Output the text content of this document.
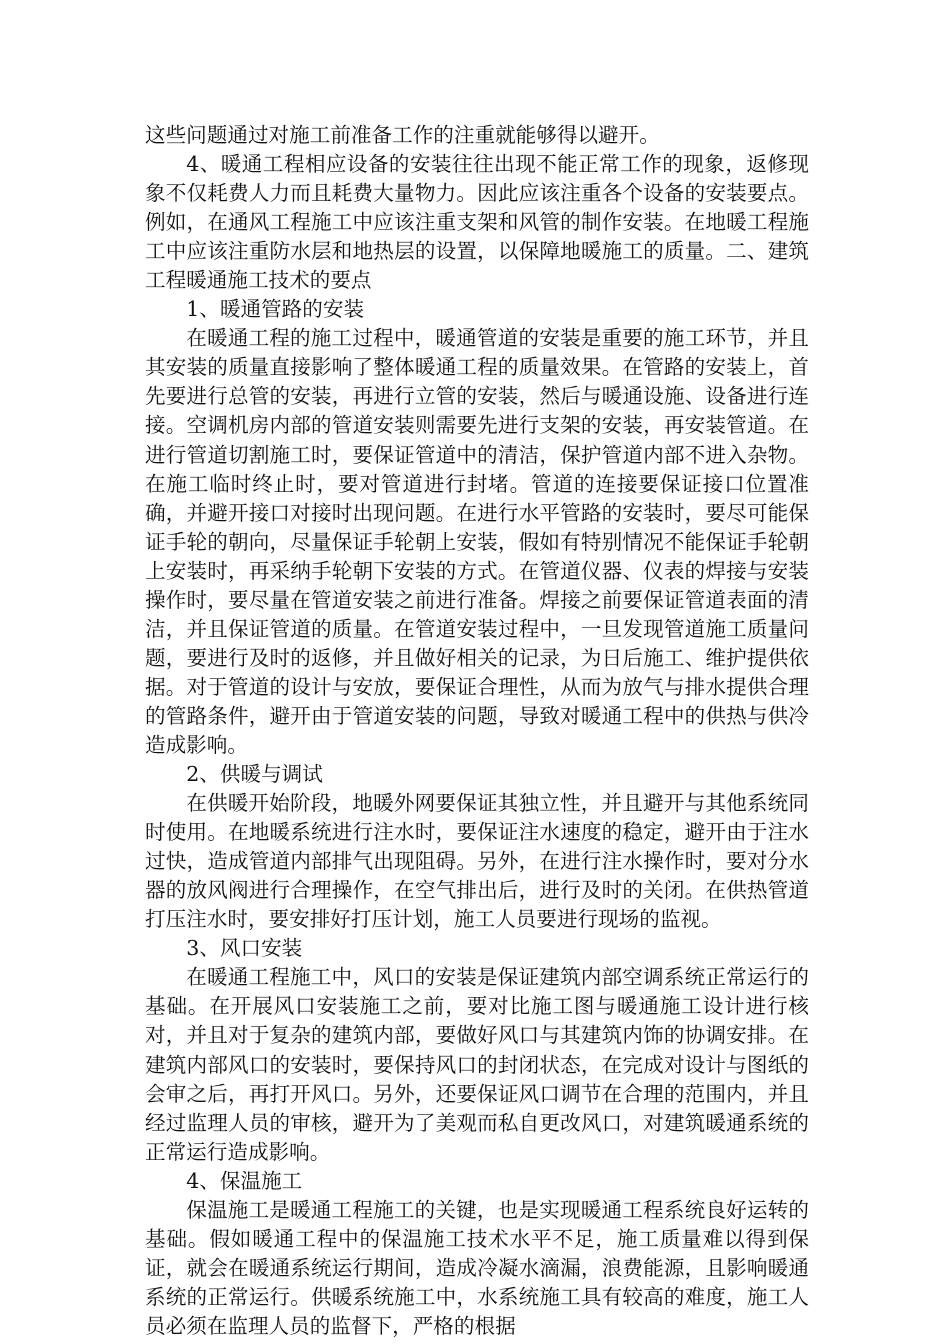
这些问题通过对施工前准备工作的注重就能够得以避开。

4、暖通工程相应设备的安装往往出现不能正常工作的现象，返修现象不仅耗费人力而且耗费大量物力。因此应该注重各个设备的安装要点。例如，在通风工程施工中应该注重支架和风管的制作安装。在地暖工程施工中应该注重防水层和地热层的设置，以保障地暖施工的质量。二、建筑工程暖通施工技术的要点

1、暖通管路的安装

在暖通工程的施工过程中，暖通管道的安装是重要的施工环节，并且其安装的质量直接影响了整体暖通工程的质量效果。在管路的安装上，首先要进行总管的安装，再进行立管的安装，然后与暖通设施、设备进行连接。空调机房内部的管道安装则需要先进行支架的安装，再安装管道。在进行管道切割施工时，要保证管道中的清洁，保护管道内部不进入杂物。在施工临时终止时，要对管道进行封堵。管道的连接要保证接口位置准确，并避开接口对接时出现问题。在进行水平管路的安装时，要尽可能保证手轮的朝向，尽量保证手轮朝上安装，假如有特别情况不能保证手轮朝上安装时，再采纳手轮朝下安装的方式。在管道仪器、仪表的焊接与安装操作时，要尽量在管道安装之前进行准备。焊接之前要保证管道表面的清洁，并且保证管道的质量。在管道安装过程中，一旦发现管道施工质量问题，要进行及时的返修，并且做好相关的记录，为日后施工、维护提供依据。对于管道的设计与安放，要保证合理性，从而为放气与排水提供合理的管路条件，避开由于管道安装的问题，导致对暖通工程中的供热与供冷造成影响。

2、供暖与调试

在供暖开始阶段，地暖外网要保证其独立性，并且避开与其他系统同时使用。在地暖系统进行注水时，要保证注水速度的稳定，避开由于注水过快，造成管道内部排气出现阻碍。另外，在进行注水操作时，要对分水器的放风阀进行合理操作，在空气排出后，进行及时的关闭。在供热管道打压注水时，要安排好打压计划，施工人员要进行现场的监视。

3、风口安装

在暖通工程施工中，风口的安装是保证建筑内部空调系统正常运行的基础。在开展风口安装施工之前，要对比施工图与暖通施工设计进行核对，并且对于复杂的建筑内部，要做好风口与其建筑内饰的协调安排。在建筑内部风口的安装时，要保持风口的封闭状态，在完成对设计与图纸的会审之后，再打开风口。另外，还要保证风口调节在合理的范围内，并且经过监理人员的审核，避开为了美观而私自更改风口，对建筑暖通系统的正常运行造成影响。

4、保温施工

保温施工是暖通工程施工的关键，也是实现暖通工程系统良好运转的基础。假如暖通工程中的保温施工技术水平不足，施工质量难以得到保证，就会在暖通系统运行期间，造成冷凝水滴漏，浪费能源，且影响暖通系统的正常运行。供暖系统施工中，水系统施工具有较高的难度，施工人员必须在监理人员的监督下，严格的根据
